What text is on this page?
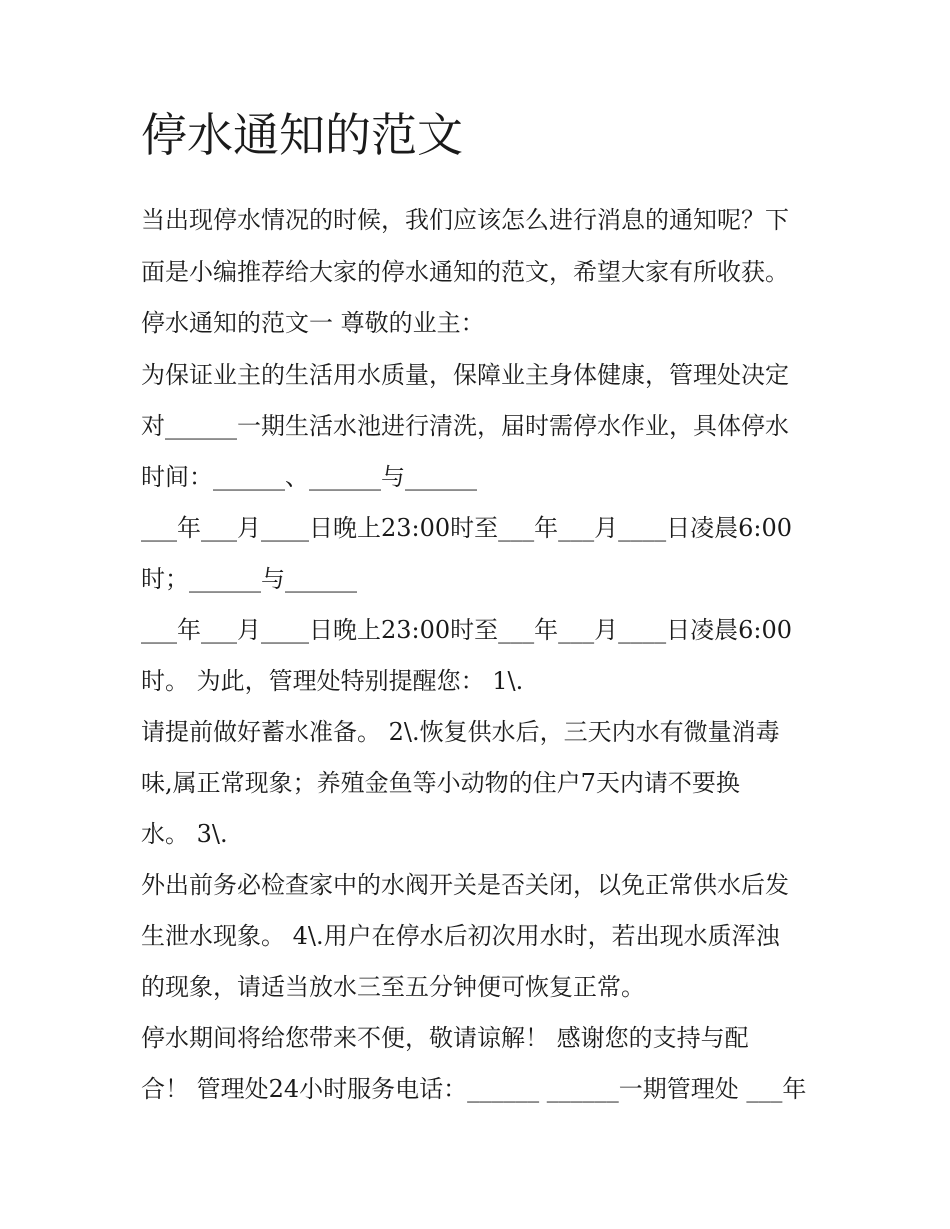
停水通知的范文

当出现停水情况的时候，我们应该怎么进行消息的通知呢？下

面是小编推荐给大家的停水通知的范文，希望大家有所收获。

停水通知的范文一 尊敬的业主：

为保证业主的生活用水质量，保障业主身体健康，管理处决定

对______一期生活水池进行清洗，届时需停水作业，具体停水

时间：______、______与______

___年___月____日晚上23:00时至___年___月____日凌晨6:00

时；______与______

___年___月____日晚上23:00时至___年___月____日凌晨6:00

时。 为此，管理处特别提醒您： 1\.

请提前做好蓄水准备。 2\.恢复供水后，三天内水有微量消毒

味,属正常现象；养殖金鱼等小动物的住户7天内请不要换

水。 3\.

外出前务必检查家中的水阀开关是否关闭，以免正常供水后发

生泄水现象。 4\.用户在停水后初次用水时，若出现水质浑浊

的现象，请适当放水三至五分钟便可恢复正常。

停水期间将给您带来不便，敬请谅解！ 感谢您的支持与配

合！ 管理处24小时服务电话：______ ______一期管理处 ___年
